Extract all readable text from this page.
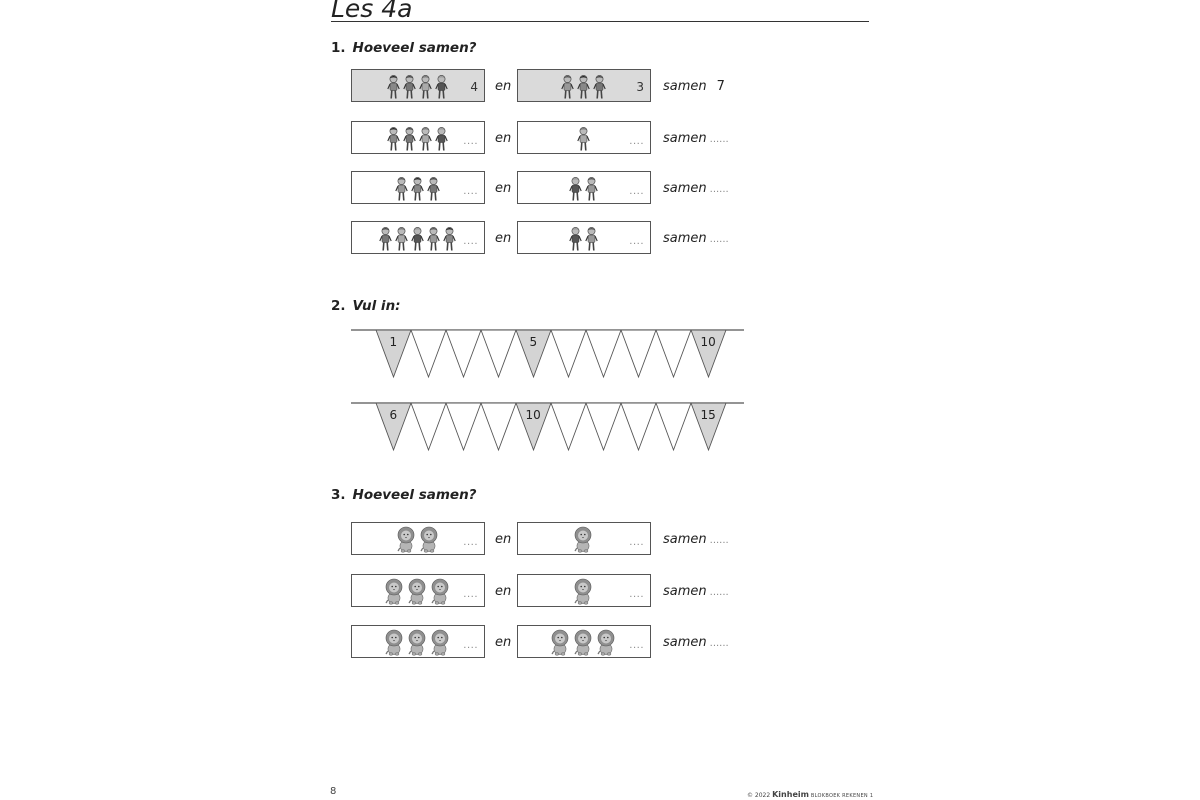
Les 4a
1. Hoeveel samen?
4 en	3 samen 7
.... en	.... samen ......
.... en	.... samen ......
.... en	.... samen ......
2. Vul in:
1	5	10
6	10	15
3. Hoeveel samen?
.... en	.... samen ......
.... en	.... samen ......
.... en	.... samen ......
8	© 2022 Kinheim BLOKBOEK REKENEN 1
